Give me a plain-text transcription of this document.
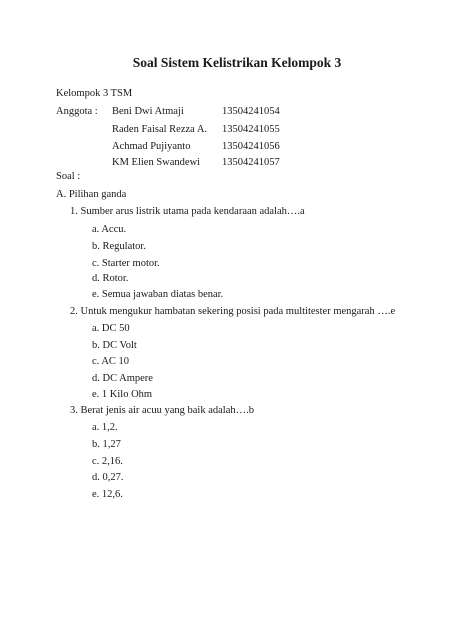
Soal Sistem Kelistrikan Kelompok 3
Kelompok 3 TSM
Anggota : Beni Dwi Atmaji	13504241054
Raden Faisal Rezza A. 13504241055
Achmad Pujiyanto	13504241056
KM Elien Swandewi 13504241057
Soal :
A. Pilihan ganda
1. Sumber arus listrik utama pada kendaraan adalah….a
a. Accu.
b. Regulator.
c. Starter motor.
d. Rotor.
e. Semua jawaban diatas benar.
2. Untuk mengukur hambatan sekering posisi pada multitester mengarah ….e
a. DC 50
b. DC Volt
c. AC 10
d. DC Ampere
e. 1 Kilo Ohm
3. Berat jenis air acuu yang baik adalah….b
a. 1,2.
b. 1,27
c. 2,16.
d. 0,27.
e. 12,6.
